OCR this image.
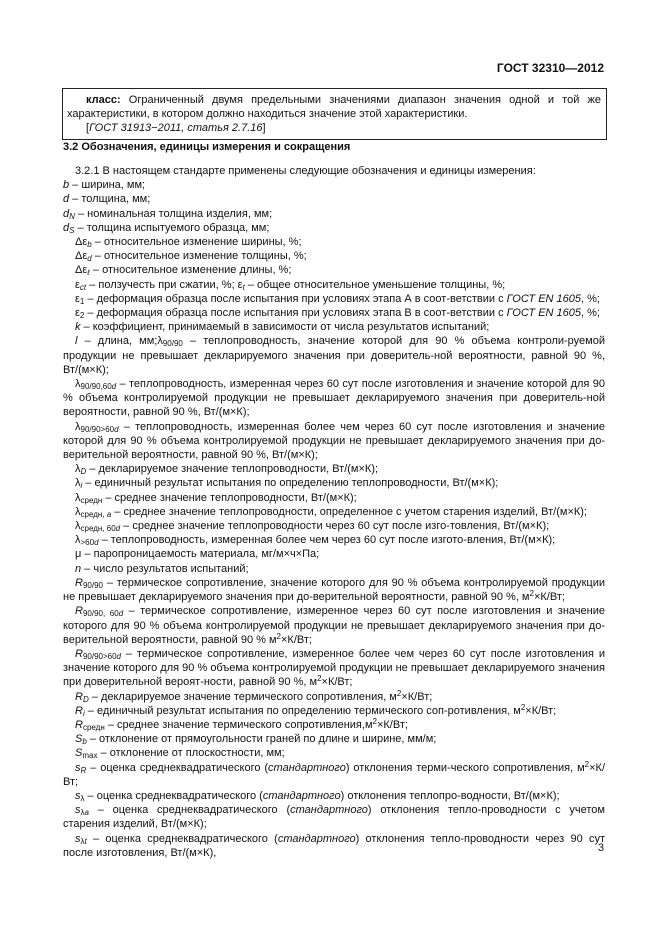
ГОСТ 32310—2012

класс: Ограниченный двумя предельными значениями диапазон значения одной и той же характеристики, в котором должно находиться значение этой характеристики.

[ГОСТ 31913−2011, статья 2.7.16]

3.2 Обозначения, единицы измерения и сокращения

3.2.1 В настоящем стандарте применены следующие обозначения и единицы измерения:

b – ширина, мм;

d – толщина, мм;

$d_N$ – номинальная толщина изделия, мм;

$d_S$ – толщина испытуемого образца, мм;

$\Delta\varepsilon_b$ – относительное изменение ширины, %;

$\Delta\varepsilon_d$ – относительное изменение толщины, %;

$\Delta\varepsilon_\ell$ – относительное изменение длины, %;

$\varepsilon_{ct}$ – ползучесть при сжатии, %; $\varepsilon_t$ – общее относительное уменьшение толщины, %;

$\varepsilon_1$ – деформация образца после испытания при условиях этапа А в соот-ветствии с ГОСТ EN 1605, %;

$\varepsilon_2$ – деформация образца после испытания при условиях этапа В в соот-ветствии с ГОСТ EN 1605, %;

k – коэффициент, принимаемый в зависимости от числа результатов испытаний;

l – длина, $мм;\lambda_{90/90}$ – теплопроводность, значение которой для 90 % объема контроли-руемой продукции не превышает декларируемого значения при доверитель-ной вероятности, равной 90 %, Вт/(м×К);

$\lambda_{90/90,60d}$ – теплопроводность, измеренная через 60 сут после изготовления и значение которой для 90 % объема контролируемой продукции не превышает декларируемого значения при доверитель-ной вероятности, равной 90 %, Вт/(м×К);

$\lambda_{90/90>60d}$ – теплопроводность, измеренная более чем через 60 сут после изготовления и значение которой для 90 % объема контролируемой продукции не превышает декларируемого значения при до-верительной вероятности, равной 90 %, Вт/(м×К);

$\lambda_D$ – декларируемое значение теплопроводности, Вт/(м×К);

$\lambda_i$ – единичный результат испытания по определению теплопроводности, Вт/(м×К);

$\lambda_{средн}$ – среднее значение теплопроводности, Вт/(м×К);

$\lambda_{средн,}$ $_a$ – среднее значение теплопроводности, определенное с учетом старения изделий, Вт/(м×К);

$\lambda_{средн, 60d}$ – среднее значение теплопроводности через 60 сут после изго-товления, Вт/(м×К);

$\lambda_{>60d}$ – теплопроводность, измеренная более чем через 60 сут после изгото-вления, Вт/(м×К);

μ – паропроницаемость материала, мг/м×ч×Па;

n – число результатов испытаний;

$R_{90/90}$ – термическое сопротивление, значение которого для 90 % объема контролируемой продукции не превышает декларируемого значения при до-верительной вероятности, равной 90 %, $м^2\times К/Вт$;

$R_{90/90, 60d}$ – термическое сопротивление, измеренное через 60 сут после изготовления и значение которого для 90 % объема контролируемой продукции не превышает декларируемого значения при до-верительной вероятности, равной 90 % $м^2\times К/Вт$;

$R_{90/90>60d}$ – термическое сопротивление, измеренное более чем через 60 сут после изготовления и значение которого для 90 % объема контролируемой продукции не превышает декларируемого значения при доверительной вероят-ности, равной 90 %, $м^2\times К/Вт$;

$R_D$ – декларируемое значение термического сопротивления, $м^2\times К/Вт$;

$R_i$ – единичный результат испытания по определению термического соп-ротивления, $м^2\times К/Вт$;

$R_{средн}$ – среднее значение термического $сопротивления,м^2\times К/Вт$;

$S_b$ – отклонение от прямоугольности граней по длине и ширине, мм/м;

$S_{max}$ – отклонение от плоскостности, мм;

$s_R$ – оценка среднеквадратического (стандартного) отклонения терми-ческого сопротивления, $м^2\times К/Вт$;

$s_\lambda$ – оценка среднеквадратического (стандартного) отклонения теплопро-водности, Вт/(м×К);

$s_{\lambda a}$ – оценка среднеквадратического (стандартного) отклонения тепло-проводности с учетом старения изделий, Вт/(м×К);

$s_{\lambda t}$ – оценка среднеквадратического (стандартного) отклонения тепло-проводности через 90 сут после изготовления, Вт/(м×К),	3
